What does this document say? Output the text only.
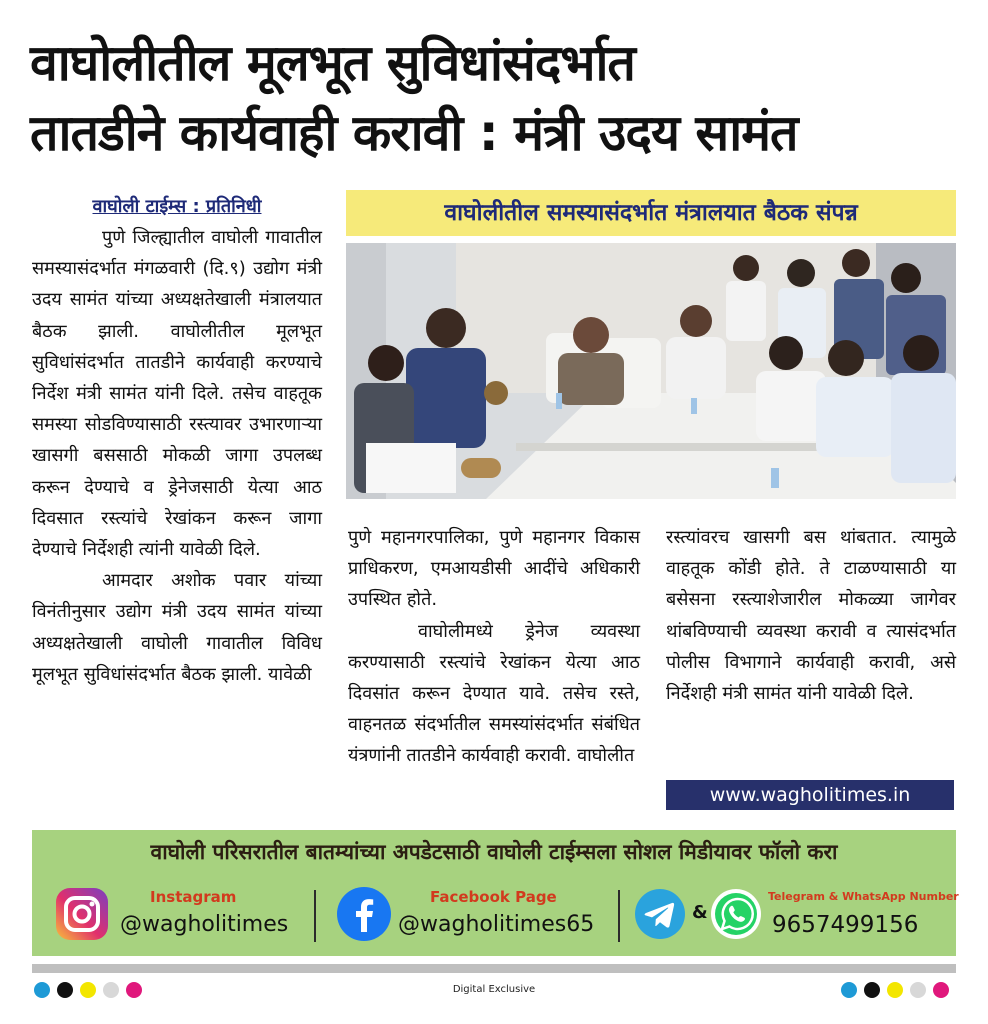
वाघोलीतील मूलभूत सुविधांसंदर्भात
तातडीने कार्यवाही करावी : मंत्री उदय सामंत
वाघोली टाईम्स : प्रतिनिधी

पुणे जिल्ह्यातील वाघोली गावातील समस्यासंदर्भात मंगळवारी (दि.९) उद्योग मंत्री उदय सामंत यांच्या अध्यक्षतेखाली मंत्रालयात बैठक झाली. वाघोलीतील मूलभूत सुविधांसंदर्भात तातडीने कार्यवाही करण्याचे निर्देश मंत्री सामंत यांनी दिले. तसेच वाहतूक समस्या सोडविण्यासाठी रस्त्यावर उभारणाऱ्या खासगी बससाठी मोकळी जागा उपलब्ध करून देण्याचे व ड्रेनेजसाठी येत्या आठ दिवसात रस्त्यांचे रेखांकन करून जागा देण्याचे निर्देशही त्यांनी यावेळी दिले.

आमदार अशोक पवार यांच्या विनंतीनुसार उद्योग मंत्री उदय सामंत यांच्या अध्यक्षतेखाली वाघोली गावातील विविध मूलभूत सुविधांसंदर्भात बैठक झाली. यावेळी

वाघोलीतील समस्यासंदर्भात मंत्रालयात बैठक संपन्न

पुणे महानगरपालिका, पुणे महानगर विकास प्राधिकरण, एमआयडीसी आदींचे अधिकारी उपस्थित होते.

वाघोलीमध्ये ड्रेनेज व्यवस्था करण्यासाठी रस्त्यांचे रेखांकन येत्या आठ दिवसांत करून देण्यात यावे. तसेच रस्ते, वाहनतळ संदर्भातील समस्यांसंदर्भात संबंधित यंत्रणांनी तातडीने कार्यवाही करावी. वाघोलीत

रस्त्यांवरच खासगी बस थांबतात. त्यामुळे वाहतूक कोंडी होते. ते टाळण्यासाठी या बसेसना रस्त्याशेजारील मोकळ्या जागेवर थांबविण्याची व्यवस्था करावी व त्यासंदर्भात पोलीस विभागाने कार्यवाही करावी, असे निर्देशही मंत्री सामंत यांनी यावेळी दिले.

www.wagholitimes.in
वाघोली परिसरातील बातम्यांच्या अपडेटसाठी वाघोली टाईम्सला सोशल मिडीयावर फॉलो करा
Instagram
@wagholitimes
Facebook Page
@wagholitimes65	&
Telegram & WhatsApp Number
9657499156
Digital Exclusive
